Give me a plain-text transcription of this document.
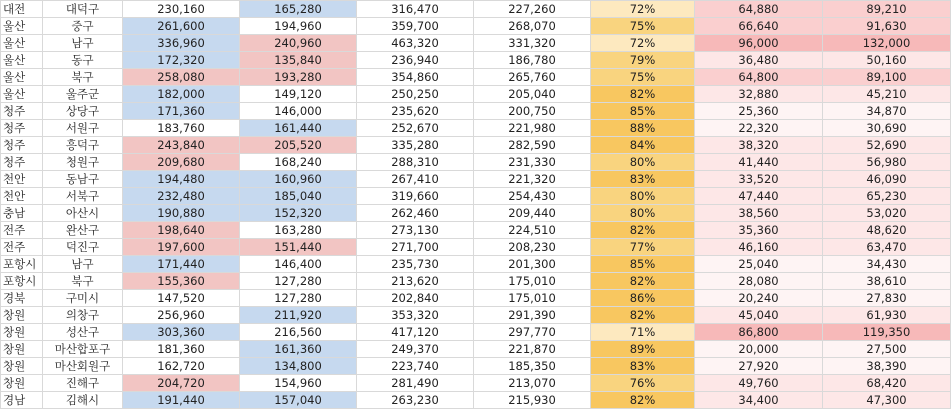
대전	대덕구	230,160	165,280	316,470	227,260	72%	64,880	89,210
울산	중구	261,600	194,960	359,700	268,070	75%	66,640	91,630
울산	남구	336,960	240,960	463,320	331,320	72%	96,000	132,000
울산	동구	172,320	135,840	236,940	186,780	79%	36,480	50,160
울산	북구	258,080	193,280	354,860	265,760	75%	64,800	89,100
울산	울주군	182,000	149,120	250,250	205,040	82%	32,880	45,210
청주	상당구	171,360	146,000	235,620	200,750	85%	25,360	34,870
청주	서원구	183,760	161,440	252,670	221,980	88%	22,320	30,690
청주	흥덕구	243,840	205,520	335,280	282,590	84%	38,320	52,690
청주	청원구	209,680	168,240	288,310	231,330	80%	41,440	56,980
천안	동남구	194,480	160,960	267,410	221,320	83%	33,520	46,090
천안	서북구	232,480	185,040	319,660	254,430	80%	47,440	65,230
충남	아산시	190,880	152,320	262,460	209,440	80%	38,560	53,020
전주	완산구	198,640	163,280	273,130	224,510	82%	35,360	48,620
전주	덕진구	197,600	151,440	271,700	208,230	77%	46,160	63,470
포항시	남구	171,440	146,400	235,730	201,300	85%	25,040	34,430
포항시	북구	155,360	127,280	213,620	175,010	82%	28,080	38,610
경북	구미시	147,520	127,280	202,840	175,010	86%	20,240	27,830
창원	의창구	256,960	211,920	353,320	291,390	82%	45,040	61,930
창원	성산구	303,360	216,560	417,120	297,770	71%	86,800	119,350
창원	마산합포구	181,360	161,360	249,370	221,870	89%	20,000	27,500
창원	마산회원구	162,720	134,800	223,740	185,350	83%	27,920	38,390
창원	진해구	204,720	154,960	281,490	213,070	76%	49,760	68,420
경남	김해시	191,440	157,040	263,230	215,930	82%	34,400	47,300
